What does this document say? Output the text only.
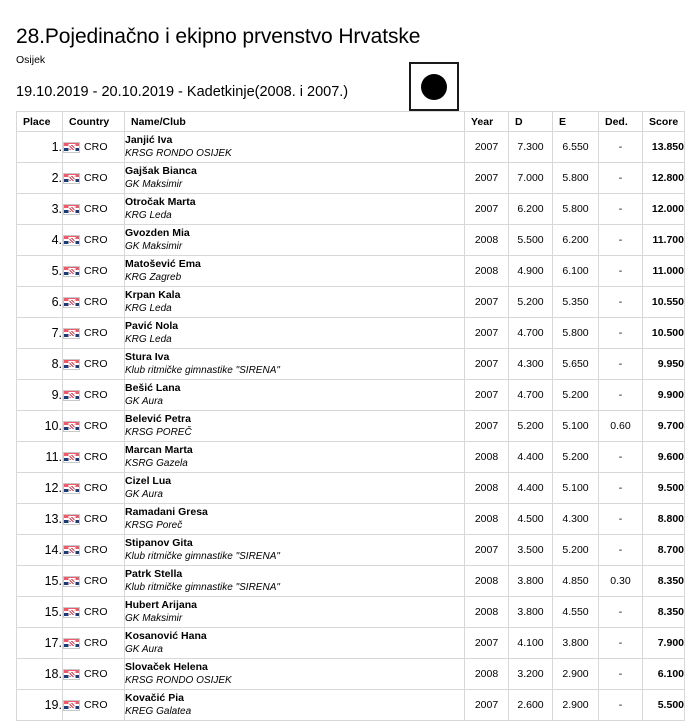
28.Pojedinačno i ekipno prvenstvo Hrvatske
Osijek
19.10.2019 - 20.10.2019 - Kadetkinje(2008. i 2007.)
Place	Country	Name/Club	Year	D	E	Ded.	Score
1.	CRO	Janjić Iva
KRSG RONDO OSIJEK	2007	7.300	6.550	-	13.850
2.	CRO	Gajšak Bianca
GK Maksimir	2007	7.000	5.800	-	12.800
3.	CRO	Otročak Marta
KRG Leda	2007	6.200	5.800	-	12.000
4.	CRO	Gvozden Mia
GK Maksimir	2008	5.500	6.200	-	11.700
5.	CRO	Matošević Ema
KRG Zagreb	2008	4.900	6.100	-	11.000
6.	CRO	Krpan Kala
KRG Leda	2007	5.200	5.350	-	10.550
7.	CRO	Pavić Nola
KRG Leda	2007	4.700	5.800	-	10.500
8.	CRO	Stura Iva
Klub ritmičke gimnastike "SIRENA"	2007	4.300	5.650	-	9.950
9.	CRO	Bešić Lana
GK Aura	2007	4.700	5.200	-	9.900
10.	CRO	Belević Petra
KRSG POREČ	2007	5.200	5.100	0.60	9.700
11.	CRO	Marcan Marta
KSRG Gazela	2008	4.400	5.200	-	9.600
12.	CRO	Cizel Lua
GK Aura	2008	4.400	5.100	-	9.500
13.	CRO	Ramadani Gresa
KRSG Poreč	2008	4.500	4.300	-	8.800
14.	CRO	Stipanov Gita
Klub ritmičke gimnastike "SIRENA"	2007	3.500	5.200	-	8.700
15.	CRO	Patrk Stella
Klub ritmičke gimnastike "SIRENA"	2008	3.800	4.850	0.30	8.350
15.	CRO	Hubert Arijana
GK Maksimir	2008	3.800	4.550	-	8.350
17.	CRO	Kosanović Hana
GK Aura	2007	4.100	3.800	-	7.900
18.	CRO	Slovaček Helena
KRSG RONDO OSIJEK	2008	3.200	2.900	-	6.100
19.	CRO	Kovačić Pia
KREG Galatea	2007	2.600	2.900	-	5.500
